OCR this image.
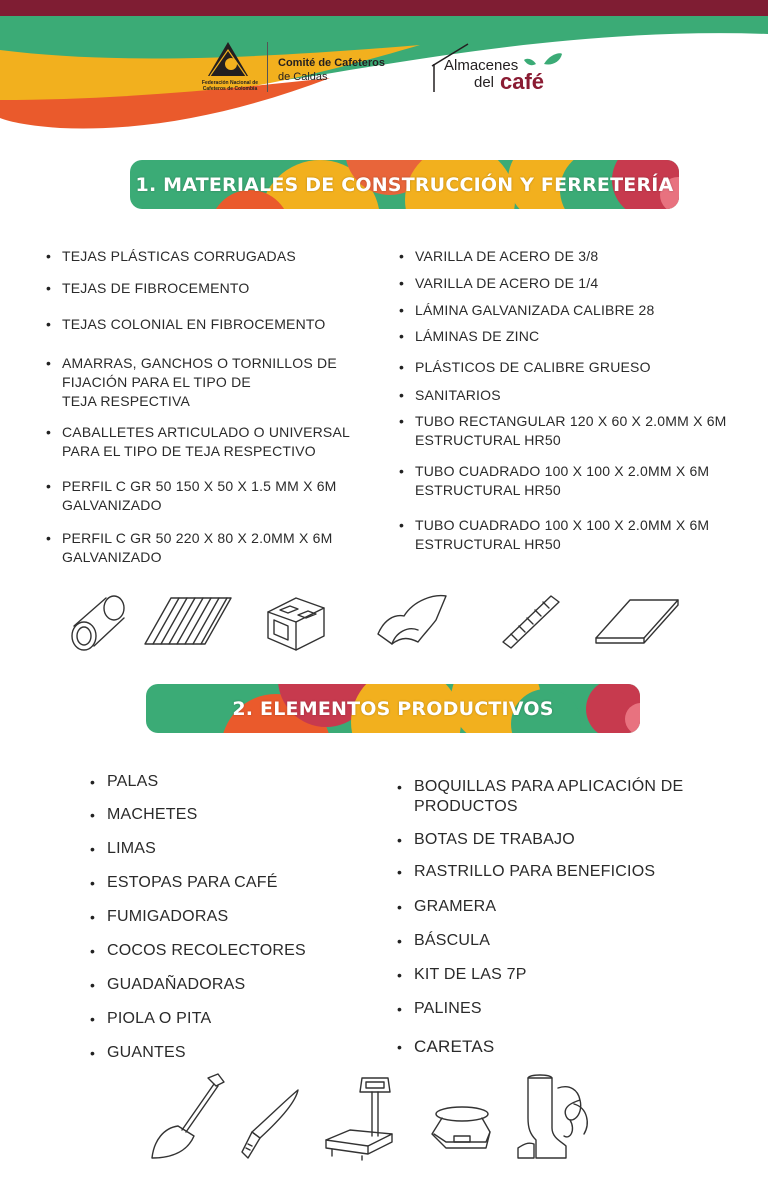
Federación Nacional de
Cafeteros de Colombia
Comité de Cafeteros
de Caldas
Almacenes
del café
1. MATERIALES DE CONSTRUCCIÓN Y FERRETERÍA
• TEJAS PLÁSTICAS CORRUGADAS
• TEJAS DE FIBROCEMENTO
• TEJAS COLONIAL EN FIBROCEMENTO
• AMARRAS, GANCHOS O TORNILLOS DE
FIJACIÓN PARA EL TIPO DE
TEJA RESPECTIVA
• CABALLETES ARTICULADO O UNIVERSAL
PARA EL TIPO DE TEJA RESPECTIVO
• PERFIL C GR 50 150 X 50 X 1.5 MM X 6M
GALVANIZADO
• PERFIL C GR 50 220 X 80 X 2.0MM X 6M
GALVANIZADO
• VARILLA DE ACERO DE 3/8
• VARILLA DE ACERO DE 1/4
• LÁMINA GALVANIZADA CALIBRE 28
• LÁMINAS DE ZINC
• PLÁSTICOS DE CALIBRE GRUESO
• SANITARIOS
• TUBO RECTANGULAR 120 X 60 X 2.0MM X 6M
ESTRUCTURAL HR50
• TUBO CUADRADO 100 X 100 X 2.0MM X 6M
ESTRUCTURAL HR50
• TUBO CUADRADO 100 X 100 X 2.0MM X 6M
ESTRUCTURAL HR50
2. ELEMENTOS PRODUCTIVOS
• PALAS
• MACHETES
• LIMAS
• ESTOPAS PARA CAFÉ
• FUMIGADORAS
• COCOS RECOLECTORES
• GUADAÑADORAS
• PIOLA O PITA
• GUANTES
• BOQUILLAS PARA APLICACIÓN DE
PRODUCTOS
• BOTAS DE TRABAJO
• RASTRILLO PARA BENEFICIOS
• GRAMERA
• BÁSCULA
• KIT DE LAS 7P
• PALINES
• CARETAS
